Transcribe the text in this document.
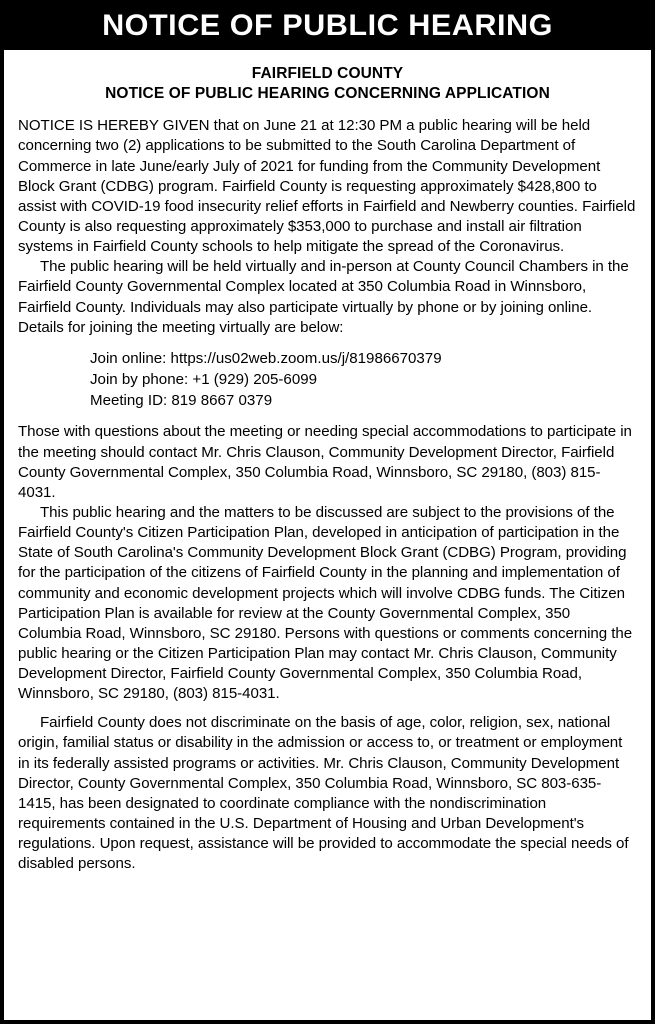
NOTICE OF PUBLIC HEARING
FAIRFIELD COUNTY
NOTICE OF PUBLIC HEARING CONCERNING APPLICATION

NOTICE IS HEREBY GIVEN that on June 21 at 12:30 PM a public hearing will be held concerning two (2) applications to be submitted to the South Carolina Department of Commerce in late June/early July of 2021 for funding from the Community Development Block Grant (CDBG) program. Fairfield County is requesting approximately $428,800 to assist with COVID-19 food insecurity relief efforts in Fairfield and Newberry counties. Fairfield County is also requesting approximately $353,000 to purchase and install air filtration systems in Fairfield County schools to help mitigate the spread of the Coronavirus.

The public hearing will be held virtually and in-person at County Council Chambers in the Fairfield County Governmental Complex located at 350 Columbia Road in Winnsboro, Fairfield County. Individuals may also participate virtually by phone or by joining online. Details for joining the meeting virtually are below:

Join online: https://us02web.zoom.us/j/81986670379
Join by phone: +1 (929) 205-6099
Meeting ID: 819 8667 0379

Those with questions about the meeting or needing special accommodations to participate in the meeting should contact Mr. Chris Clauson, Community Development Director, Fairfield County Governmental Complex, 350 Columbia Road, Winnsboro, SC 29180, (803) 815-4031.

This public hearing and the matters to be discussed are subject to the provisions of the Fairfield County's Citizen Participation Plan, developed in anticipation of participation in the State of South Carolina's Community Development Block Grant (CDBG) Program, providing for the participation of the citizens of Fairfield County in the planning and implementation of community and economic development projects which will involve CDBG funds. The Citizen Participation Plan is available for review at the County Governmental Complex, 350 Columbia Road, Winnsboro, SC 29180. Persons with questions or comments concerning the public hearing or the Citizen Participation Plan may contact Mr. Chris Clauson, Community Development Director, Fairfield County Governmental Complex, 350 Columbia Road, Winnsboro, SC 29180, (803) 815-4031.

Fairfield County does not discriminate on the basis of age, color, religion, sex, national origin, familial status or disability in the admission or access to, or treatment or employment in its federally assisted programs or activities. Mr. Chris Clauson, Community Development Director, County Governmental Complex, 350 Columbia Road, Winnsboro, SC 803-635-1415, has been designated to coordinate compliance with the nondiscrimination requirements contained in the U.S. Department of Housing and Urban Development's regulations. Upon request, assistance will be provided to accommodate the special needs of disabled persons.
